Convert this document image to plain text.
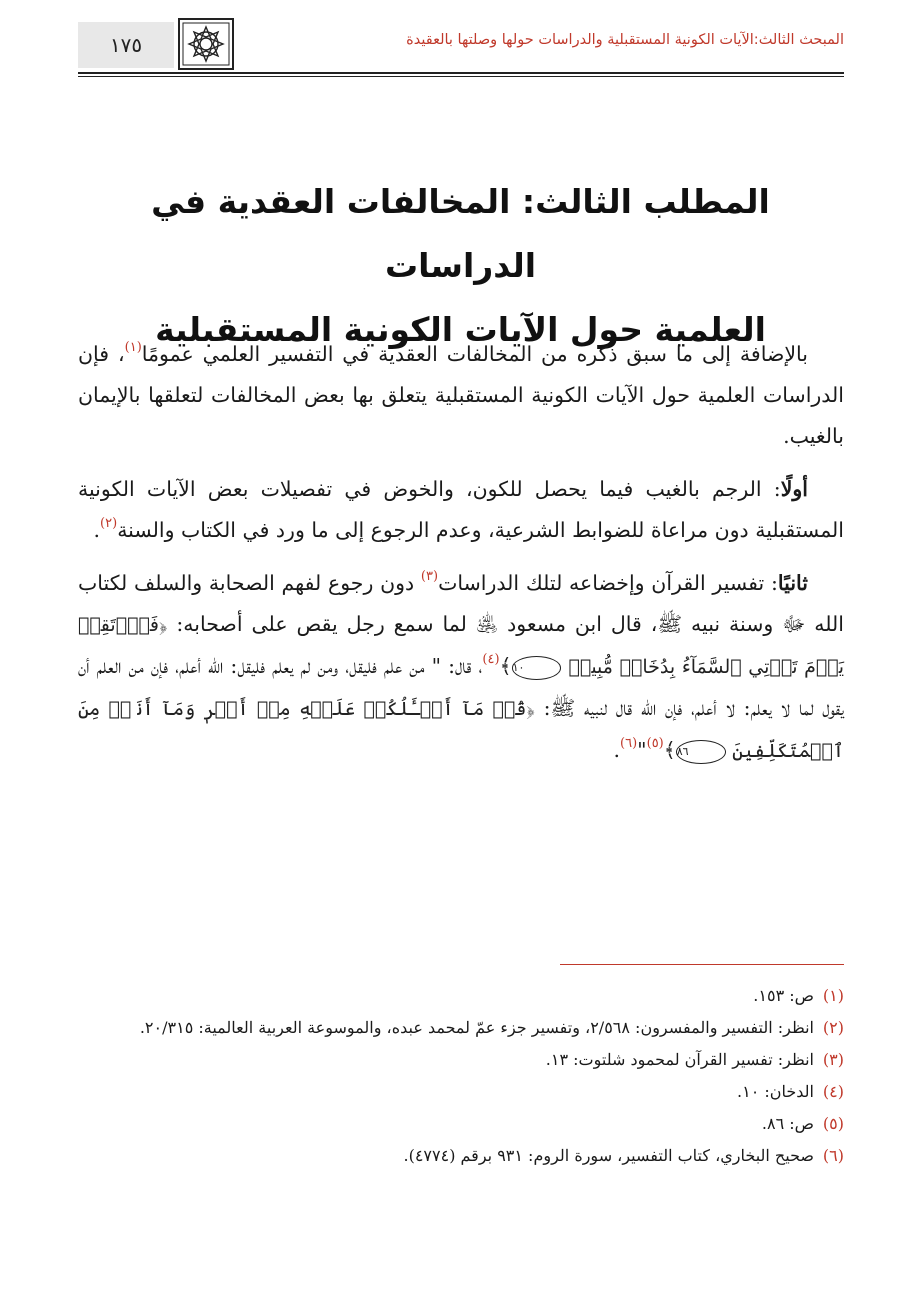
١٧٥	المبحث الثالث:الآيات الكونية المستقبلية والدراسات حولها وصلتها بالعقيدة
المطلب الثالث: المخالفات العقدية في الدراسات
العلمية حول الآيات الكونية المستقبلية

بالإضافة إلى ما سبق ذكره من المخالفات العقدية في التفسير العلمي عمومًا$^{(١)}$، فإن الدراسات العلمية حول الآيات الكونية المستقبلية يتعلق بها بعض المخالفات لتعلقها بالإيمان بالغيب.

أولًا: الرجم بالغيب فيما يحصل للكون، والخوض في تفصيلات بعض الآيات الكونية المستقبلية دون مراعاة للضوابط الشرعية، وعدم الرجوع إلى ما ورد في الكتاب والسنة$^{(٢)}$.

ثانيًا: تفسير القرآن وإخضاعه لتلك الدراسات$^{(٣)}$ دون رجوع لفهم الصحابة والسلف لكتاب الله ﷻ وسنة نبيه ﷺ، قال ابن مسعود ﵁ لما سمع رجل يقص على أصحابه: ﴿فَٱرۡتَقِبۡ يَوۡمَ تَأۡتِي ٱلسَّمَآءُ بِدُخَانٖ مُّبِينٖ ١٠﴾$^{(٤)}$، قال: " من علم فليقل، ومن لم يعلم فليقل: الله أعلم، فإن من العلم أن يقول لما لا يعلم: لا أعلم، فإن الله قال لنبيه ﷺ: ﴿قُلۡ مَآ أَسۡـَٔلُكُمۡ عَلَيۡهِ مِنۡ أَجۡرٖ وَمَآ أَنَا۠ مِنَ ٱلۡمُتَكَلِّفِينَ ٨٦﴾$^{(٥)}$"$^{(٦)}$.

(١)
ص: ١٥٣.
(٢)
انظر: التفسير والمفسرون: ٢/٥٦٨، وتفسير جزء عمّ لمحمد عبده، والموسوعة العربية العالمية: ٢٠/٣١٥.
(٣)
انظر: تفسير القرآن لمحمود شلتوت: ١٣.
(٤)
الدخان: ١٠.
(٥)
ص: ٨٦.
(٦)
صحيح البخاري، كتاب التفسير، سورة الروم: ٩٣١ برقم (٤٧٧٤).
